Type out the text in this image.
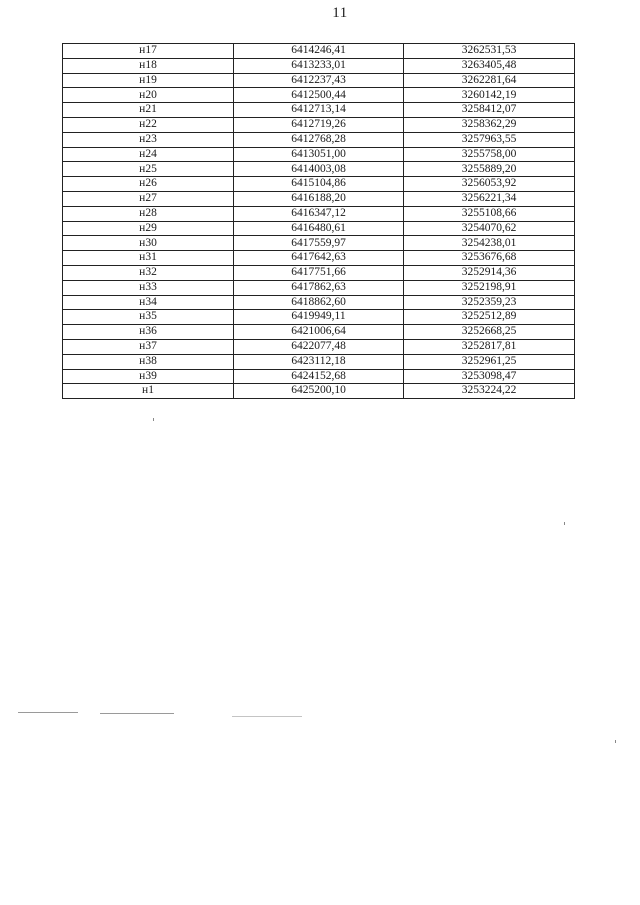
11
н17	6414246,41	3262531,53
н18	6413233,01	3263405,48
н19	6412237,43	3262281,64
н20	6412500,44	3260142,19
н21	6412713,14	3258412,07
н22	6412719,26	3258362,29
н23	6412768,28	3257963,55
н24	6413051,00	3255758,00
н25	6414003,08	3255889,20
н26	6415104,86	3256053,92
н27	6416188,20	3256221,34
н28	6416347,12	3255108,66
н29	6416480,61	3254070,62
н30	6417559,97	3254238,01
н31	6417642,63	3253676,68
н32	6417751,66	3252914,36
н33	6417862,63	3252198,91
н34	6418862,60	3252359,23
н35	6419949,11	3252512,89
н36	6421006,64	3252668,25
н37	6422077,48	3252817,81
н38	6423112,18	3252961,25
н39	6424152,68	3253098,47
н1	6425200,10	3253224,22
